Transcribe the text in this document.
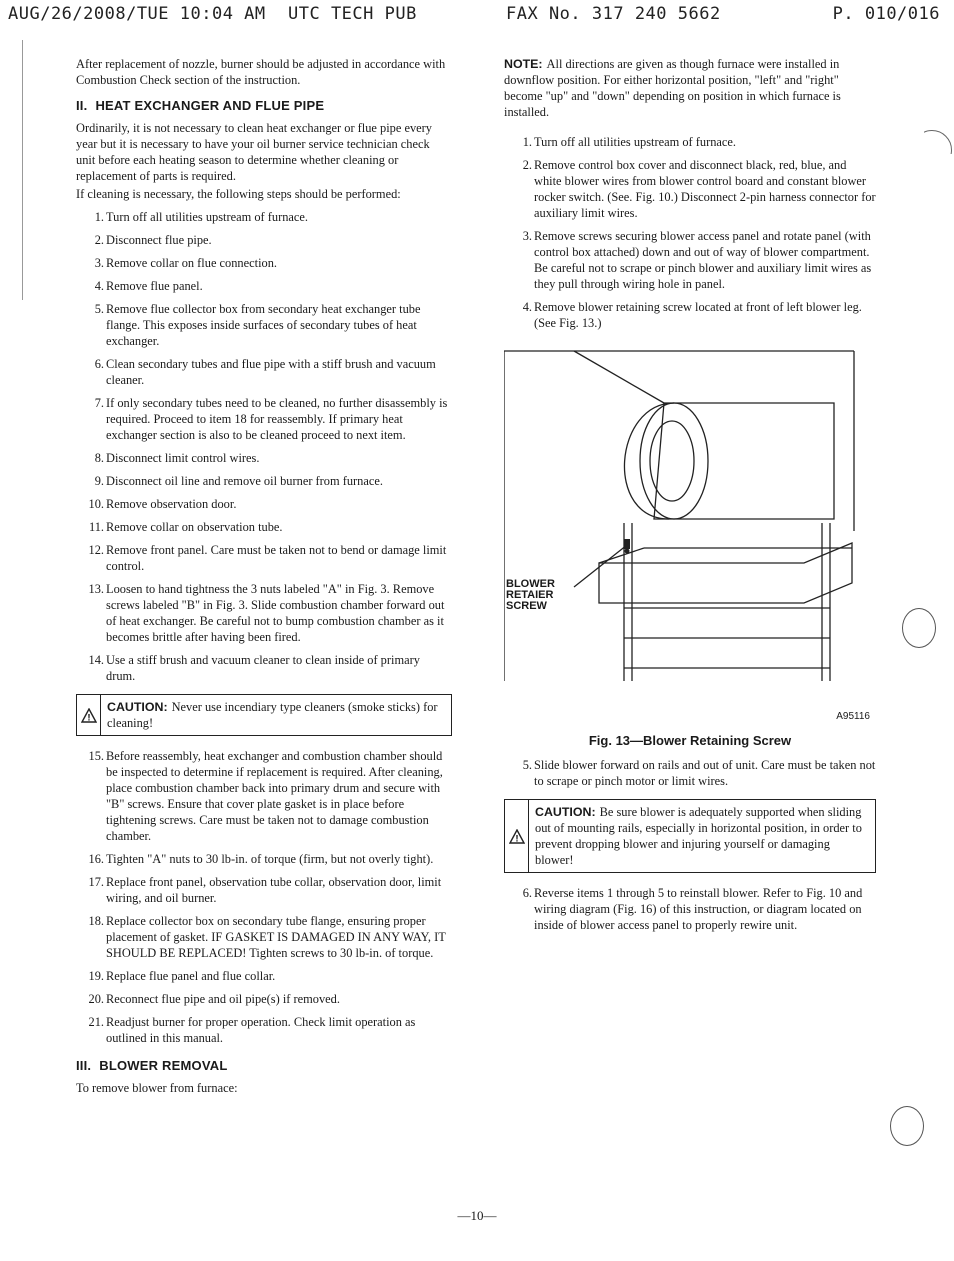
AUG/26/2008/TUE 10:04 AM UTC TECH PUB	FAX No. 317 240 5662	P. 010/016

After replacement of nozzle, burner should be adjusted in accordance with Combustion Check section of the instruction.

II. HEAT EXCHANGER AND FLUE PIPE

Ordinarily, it is not necessary to clean heat exchanger or flue pipe every year but it is necessary to have your oil burner service technician check unit before each heating season to determine whether cleaning or replacement of parts is required.

If cleaning is necessary, the following steps should be performed:

1. Turn off all utilities upstream of furnace.
2. Disconnect flue pipe.
3. Remove collar on flue connection.
4. Remove flue panel.
5. Remove flue collector box from secondary heat exchanger tube flange. This exposes inside surfaces of secondary tubes of heat exchanger.
6. Clean secondary tubes and flue pipe with a stiff brush and vacuum cleaner.
7. If only secondary tubes need to be cleaned, no further disassembly is required. Proceed to item 18 for reassembly. If primary heat exchanger section is also to be cleaned proceed to next item.
8. Disconnect limit control wires.
9. Disconnect oil line and remove oil burner from furnace.
10. Remove observation door.
11. Remove collar on observation tube.
12. Remove front panel. Care must be taken not to bend or damage limit control.
13. Loosen to hand tightness the 3 nuts labeled "A" in Fig. 3. Remove screws labeled "B" in Fig. 3. Slide combustion chamber forward out of heat exchanger. Be careful not to bump combustion chamber as it becomes brittle after having been fired.
14. Use a stiff brush and vacuum cleaner to clean inside of primary drum.
!
CAUTION: Never use incendiary type cleaners (smoke sticks) for cleaning!
15. Before reassembly, heat exchanger and combustion chamber should be inspected to determine if replacement is required. After cleaning, place combustion chamber back into primary drum and secure with "B" screws. Ensure that cover plate gasket is in place before tightening screws. Care must be taken not to damage combustion chamber.
16. Tighten "A" nuts to 30 lb-in. of torque (firm, but not overly tight).
17. Replace front panel, observation tube collar, observation door, limit wiring, and oil burner.
18. Replace collector box on secondary tube flange, ensuring proper placement of gasket. IF GASKET IS DAMAGED IN ANY WAY, IT SHOULD BE REPLACED! Tighten screws to 30 lb-in. of torque.
19. Replace flue panel and flue collar.
20. Reconnect flue pipe and oil pipe(s) if removed.
21. Readjust burner for proper operation. Check limit operation as outlined in this manual.
III. BLOWER REMOVAL

To remove blower from furnace:

NOTE: All directions are given as though furnace were installed in downflow position. For either horizontal position, "left" and "right" become "up" and "down" depending on position in which furnace is installed.

1. Turn off all utilities upstream of furnace.
2. Remove control box cover and disconnect black, red, blue, and white blower wires from blower control board and constant blower rocker switch. (See. Fig. 10.) Disconnect 2-pin harness connector for auxiliary limit wires.
3. Remove screws securing blower access panel and rotate panel (with control box attached) down and out of way of blower compartment. Be careful not to scrape or pinch blower and auxiliary limit wires as they pull through wiring hole in panel.
4. Remove blower retaining screw located at front of left blower leg. (See Fig. 13.)
BLOWER
RETAIER
SCREW
A95116
Fig. 13—Blower Retaining Screw
5. Slide blower forward on rails and out of unit. Care must be taken not to scrape or pinch motor or limit wires.
!
CAUTION: Be sure blower is adequately supported when sliding out of mounting rails, especially in horizontal position, in order to prevent dropping blower and injuring yourself or damaging blower!
6. Reverse items 1 through 5 to reinstall blower. Refer to Fig. 10 and wiring diagram (Fig. 16) of this instruction, or diagram located on inside of blower access panel to properly rewire unit.
—10—
